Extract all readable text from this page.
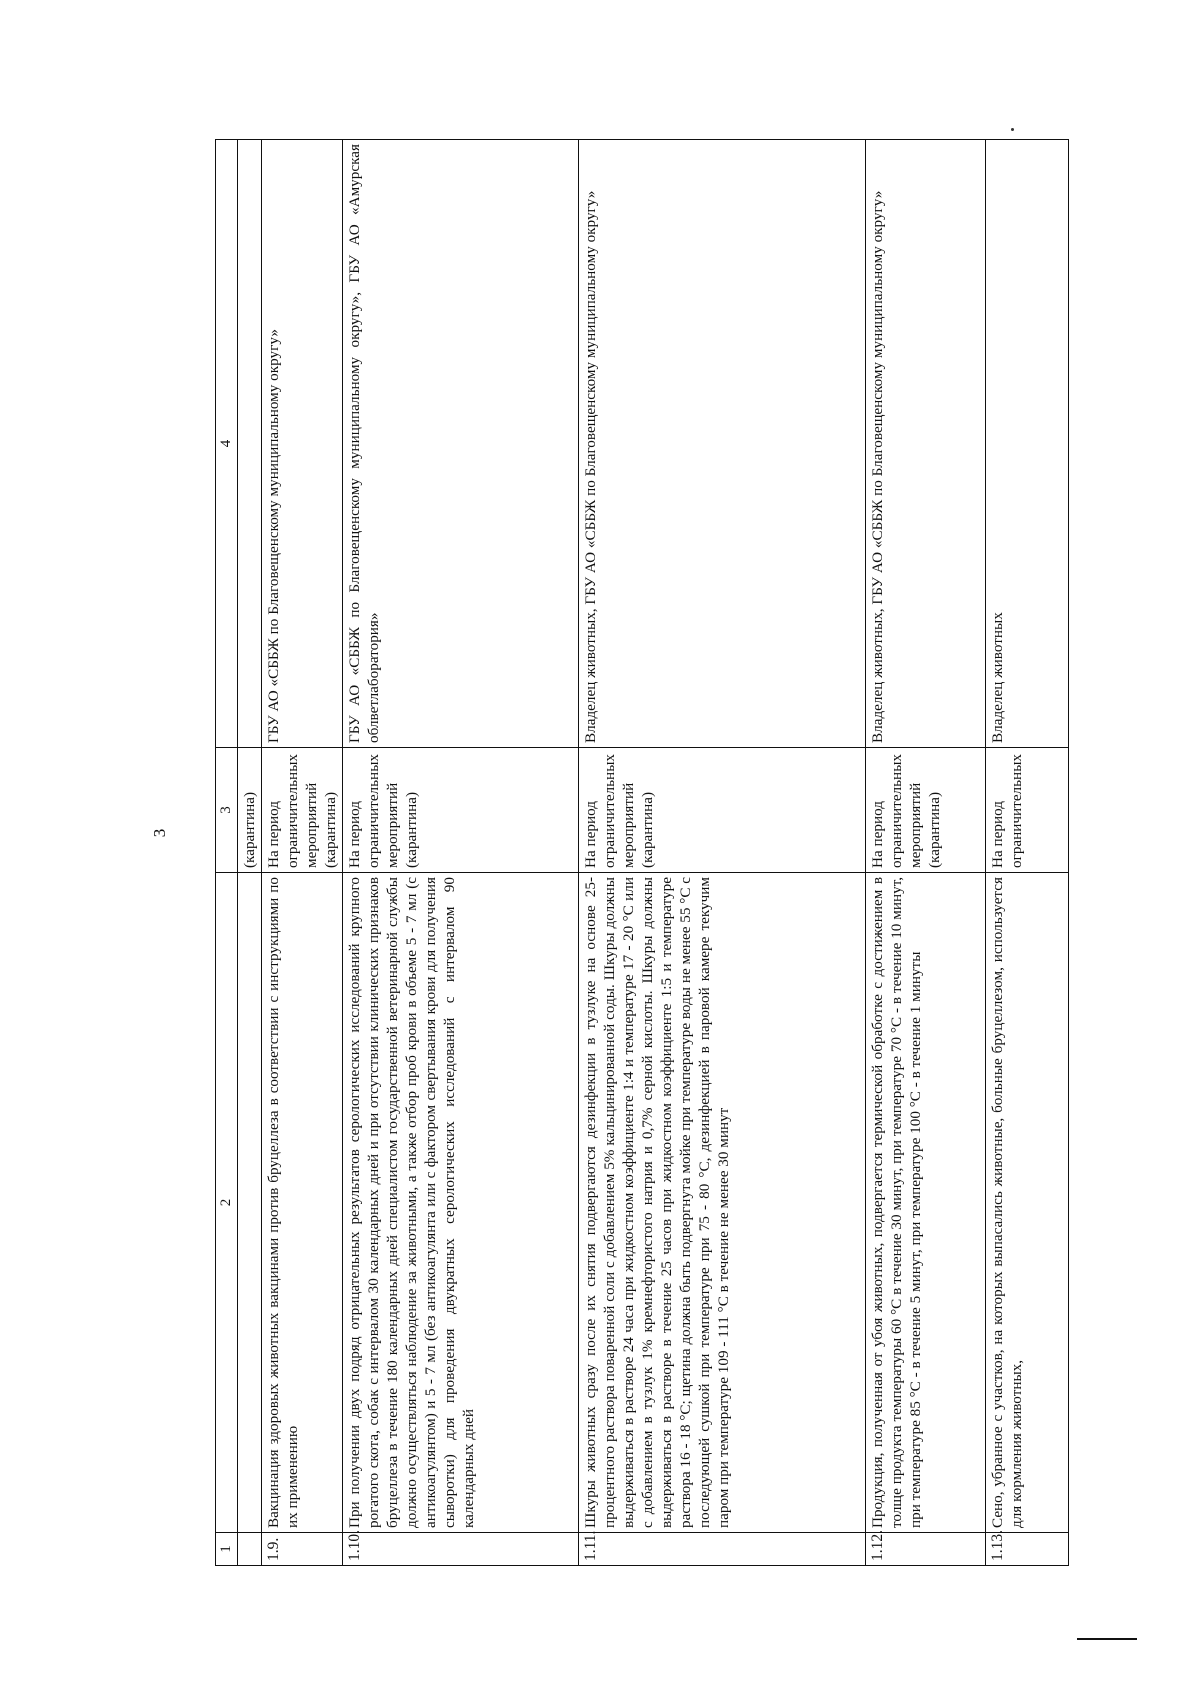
3
1	2	3	4
		(карантина)	
1.9.	Вакцинация здоровых животных вакцинами против бруцеллеза в соответствии с инструкциями по их применению	На период ограничительных мероприятий (карантина)	ГБУ АО «СББЖ по Благовещенскому муниципальному округу»
1.10.	При получении двух подряд отрицательных результатов серологических исследований крупного рогатого скота, собак с интервалом 30 календарных дней и при отсутствии клинических признаков бруцеллеза в течение 180 календарных дней специалистом государственной ветеринарной службы должно осуществляться наблюдение за животными, а также отбор проб крови в объеме 5 - 7 мл (с антикоагулянтом) и 5 - 7 мл (без антикоагулянта или с фактором свертывания крови для получения сыворотки) для проведения двукратных серологических исследований с интервалом 90 календарных дней	На период ограничительных мероприятий (карантина)	ГБУ АО «СББЖ по Благовещенскому муниципальному округу», ГБУ АО «Амурская облветлаборатория»
1.11.	Шкуры животных сразу после их снятия подвергаются дезинфекции в тузлуке на основе 25-процентного раствора поваренной соли с добавлением 5% кальцинированной соды. Шкуры должны выдерживаться в растворе 24 часа при жидкостном коэффициенте 1:4 и температуре 17 - 20 °С или с добавлением в тузлук 1% кремнефтористого натрия и 0,7% серной кислоты. Шкуры должны выдерживаться в растворе в течение 25 часов при жидкостном коэффициенте 1:5 и температуре раствора 16 - 18 °С; щетина должна быть подвергнута мойке при температуре воды не менее 55 °С с последующей сушкой при температуре при 75 - 80 °С, дезинфекцией в паровой камере текучим паром при температуре 109 - 111 °С в течение не менее 30 минут	На период ограничительных мероприятий (карантина)	Владелец животных, ГБУ АО «СББЖ по Благовещенскому муниципальному округу»
1.12.	Продукция, полученная от убоя животных, подвергается термической обработке с достижением в толще продукта температуры 60 °С в течение 30 минут, при температуре 70 °С - в течение 10 минут, при температуре 85 °С - в течение 5 минут, при температуре 100 °С - в течение 1 минуты	На период ограничительных мероприятий (карантина)	Владелец животных, ГБУ АО «СББЖ по Благовещенскому муниципальному округу»
1.13.	Сено, убранное с участков, на которых выпасались животные, больные бруцеллезом, используется для кормления животных,	На период ограничительных	Владелец животных
